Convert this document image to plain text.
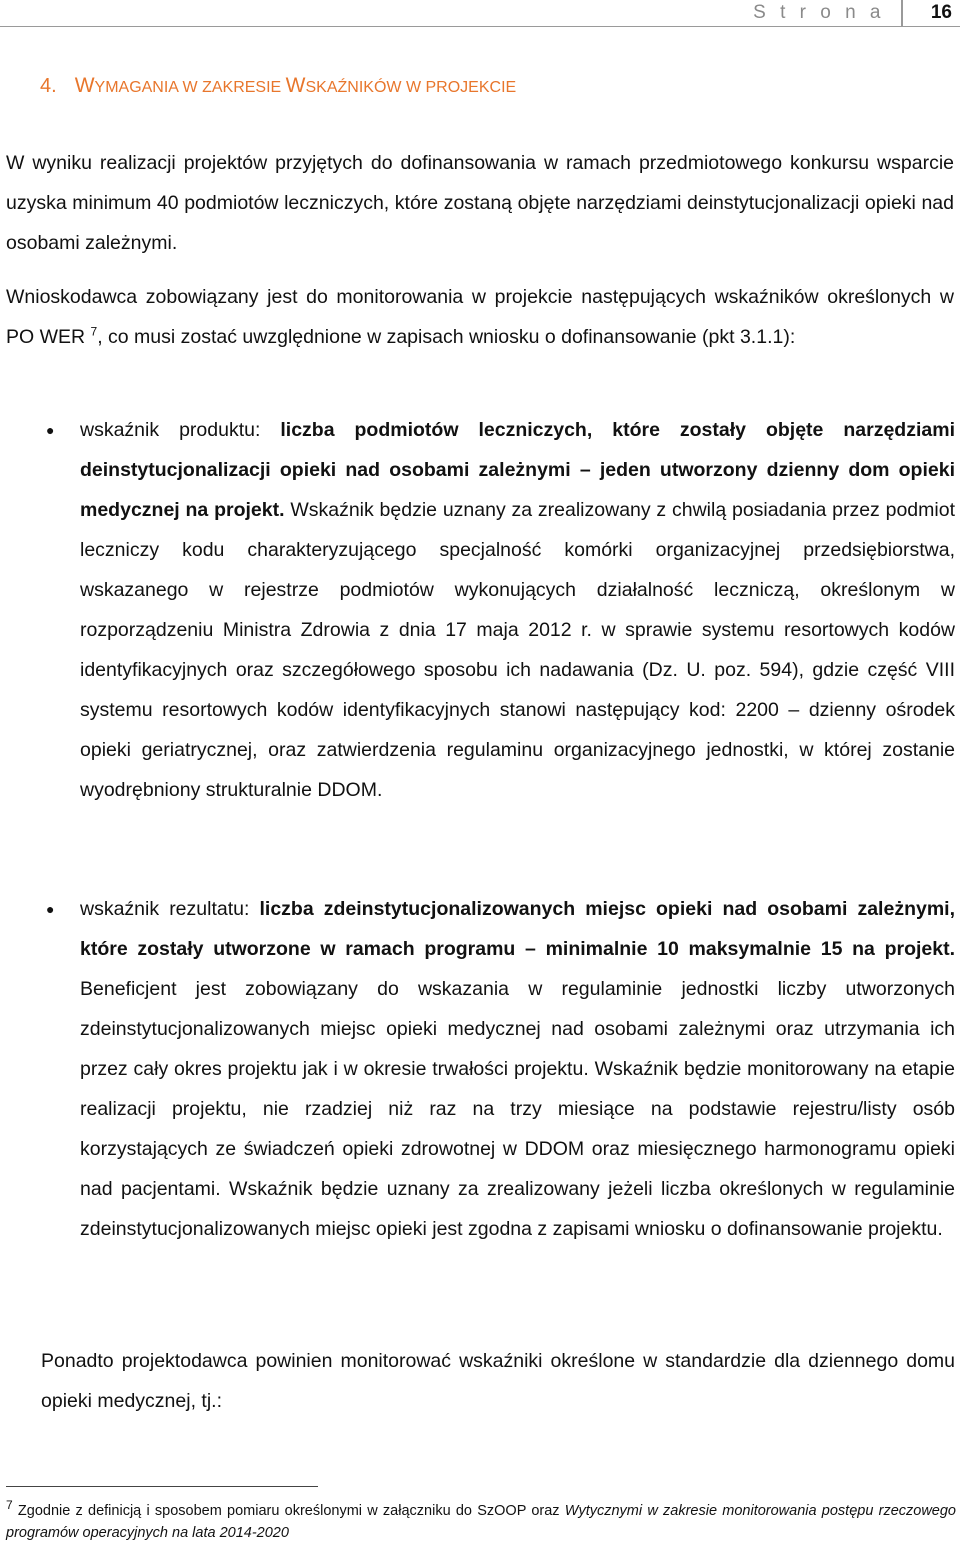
S t r o n a 16
4. WYMAGANIA W ZAKRESIE WSKAŹNIKÓW W PROJEKCIE
W wyniku realizacji projektów przyjętych do dofinansowania w ramach przedmiotowego konkursu wsparcie uzyska minimum 40 podmiotów leczniczych, które zostaną objęte narzędziami deinstytucjonalizacji opieki nad osobami zależnymi.
Wnioskodawca zobowiązany jest do monitorowania w projekcie następujących wskaźników określonych w PO WER $^7$, co musi zostać uwzględnione w zapisach wniosku o dofinansowanie (pkt 3.1.1):
● wskaźnik produktu: liczba podmiotów leczniczych, które zostały objęte narzędziami deinstytucjonalizacji opieki nad osobami zależnymi – jeden utworzony dzienny dom opieki medycznej na projekt. Wskaźnik będzie uznany za zrealizowany z chwilą posiadania przez podmiot leczniczy kodu charakteryzującego specjalność komórki organizacyjnej przedsiębiorstwa, wskazanego w rejestrze podmiotów wykonujących działalność leczniczą, określonym w rozporządzeniu Ministra Zdrowia z dnia 17 maja 2012 r. w sprawie systemu resortowych kodów identyfikacyjnych oraz szczegółowego sposobu ich nadawania (Dz. U. poz. 594), gdzie część VIII systemu resortowych kodów identyfikacyjnych stanowi następujący kod: 2200 – dzienny ośrodek opieki geriatrycznej, oraz zatwierdzenia regulaminu organizacyjnego jednostki, w której zostanie wyodrębniony strukturalnie DDOM.
● wskaźnik rezultatu: liczba zdeinstytucjonalizowanych miejsc opieki nad osobami zależnymi, które zostały utworzone w ramach programu – minimalnie 10 maksymalnie 15 na projekt. Beneficjent jest zobowiązany do wskazania w regulaminie jednostki liczby utworzonych zdeinstytucjonalizowanych miejsc opieki medycznej nad osobami zależnymi oraz utrzymania ich przez cały okres projektu jak i w okresie trwałości projektu. Wskaźnik będzie monitorowany na etapie realizacji projektu, nie rzadziej niż raz na trzy miesiące na podstawie rejestru/listy osób korzystających ze świadczeń opieki zdrowotnej w DDOM oraz miesięcznego harmonogramu opieki nad pacjentami. Wskaźnik będzie uznany za zrealizowany jeżeli liczba określonych w regulaminie zdeinstytucjonalizowanych miejsc opieki jest zgodna z zapisami wniosku o dofinansowanie projektu.
Ponadto projektodawca powinien monitorować wskaźniki określone w standardzie dla dziennego domu opieki medycznej, tj.:
$^7$ Zgodnie z definicją i sposobem pomiaru określonymi w załączniku do SzOOP oraz Wytycznymi w zakresie monitorowania postępu rzeczowego programów operacyjnych na lata 2014-2020
